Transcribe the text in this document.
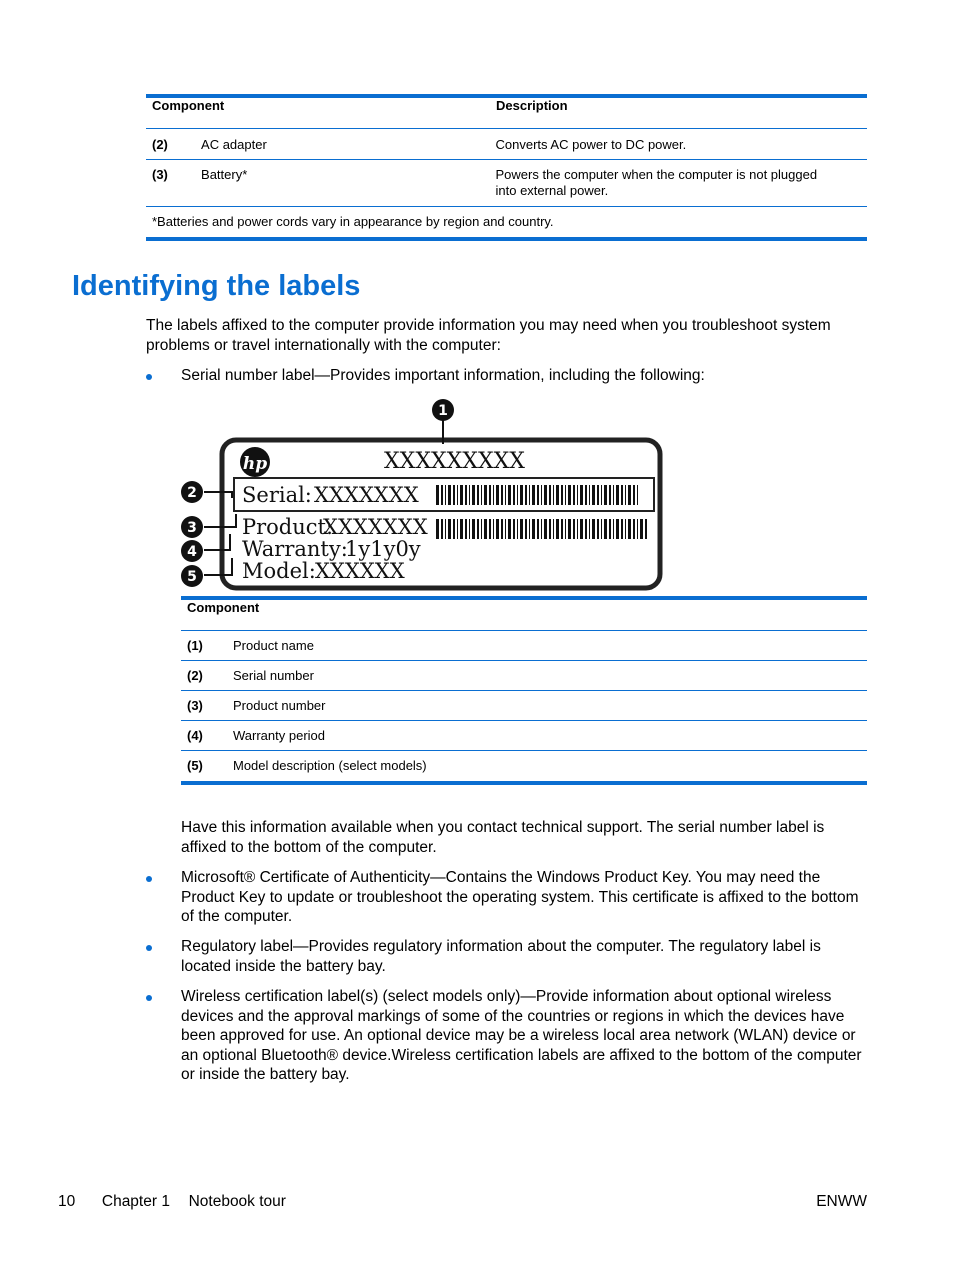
Component		Description
(2)	AC adapter	Converts AC power to DC power.
(3)	Battery*	Powers the computer when the computer is not plugged into external power.
*Batteries and power cords vary in appearance by region and country.		
Identifying the labels

The labels affixed to the computer provide information you may need when you troubleshoot system problems or travel internationally with the computer:

Serial number label—Provides important information, including the following:

hp	XXXXXXXXX
Serial: XXXXXXX
Product:
XXXXXXX
Warranty:
1y1y0y
Model: XXXXXX
1
2
3
4
5
Component	
(1)	Product name
(2)	Serial number
(3)	Product number
(4)	Warranty period
(5)	Model description (select models)

Have this information available when you contact technical support. The serial number label is affixed to the bottom of the computer.

Microsoft® Certificate of Authenticity—Contains the Windows Product Key. You may need the Product Key to update or troubleshoot the operating system. This certificate is affixed to the bottom of the computer.

Regulatory label—Provides regulatory information about the computer. The regulatory label is located inside the battery bay.

Wireless certification label(s) (select models only)—Provide information about optional wireless devices and the approval markings of some of the countries or regions in which the devices have been approved for use. An optional device may be a wireless local area network (WLAN) device or an optional Bluetooth® device.Wireless certification labels are affixed to the bottom of the computer or inside the battery bay.

10 Chapter 1 Notebook tour	ENWW
